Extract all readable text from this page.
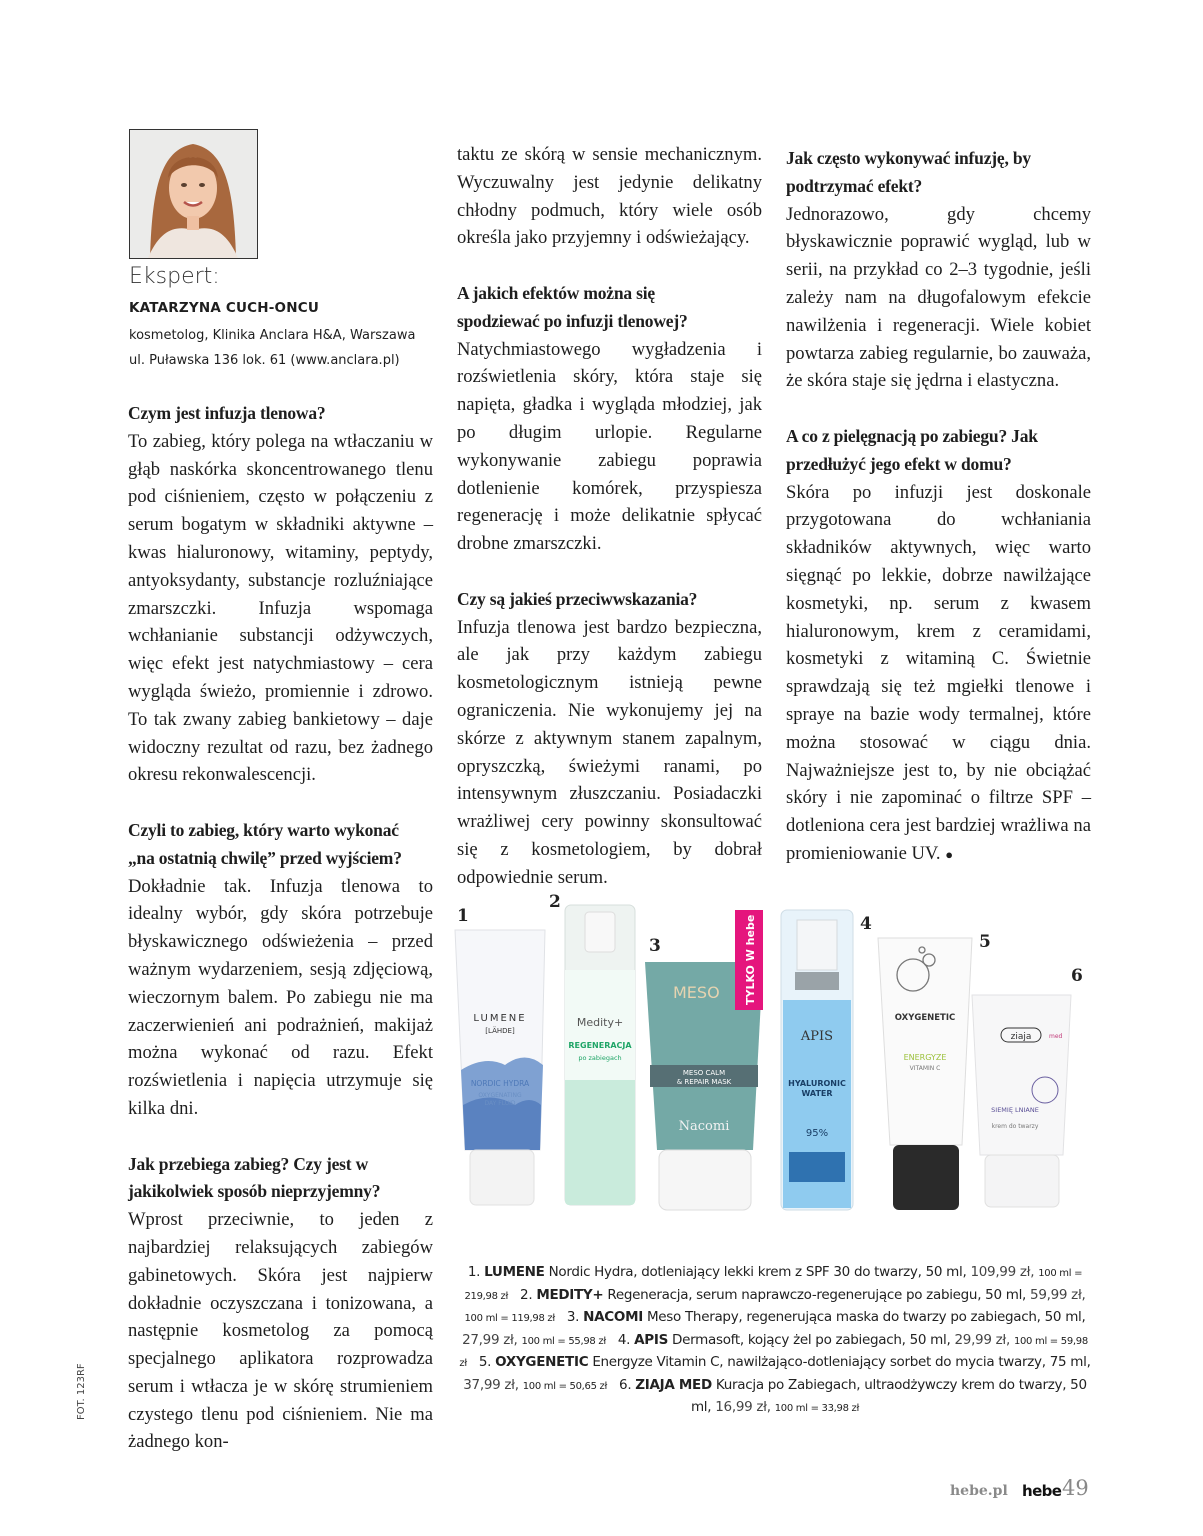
Ekspert:
KATARZYNA CUCH-ONCU
kosmetolog, Klinika Anclara H&A, Warszawa
ul. Puławska 136 lok. 61 (www.anclara.pl)
Czym jest infuzja tlenowa?

To zabieg, który polega na wtłaczaniu w głąb naskórka skoncentrowanego tlenu pod ciśnieniem, często w połączeniu z serum bogatym w składniki aktywne – kwas hialuronowy, witaminy, peptydy, antyoksydanty, substancje rozluźniające zmarszczki. Infuzja wspomaga wchłanianie substancji odżywczych, więc efekt jest natychmiastowy – cera wygląda świeżo, promiennie i zdrowo. To tak zwany zabieg bankietowy – daje widoczny rezultat od razu, bez żadnego okresu rekonwalescencji.

Czyli to zabieg, który warto wykonać „na ostatnią chwilę” przed wyjściem?

Dokładnie tak. Infuzja tlenowa to idealny wybór, gdy skóra potrzebuje błyskawicznego odświeżenia – przed ważnym wydarzeniem, sesją zdjęciową, wieczornym balem. Po zabiegu nie ma zaczerwienień ani podrażnień, makijaż można wykonać od razu. Efekt rozświetlenia i napięcia utrzymuje się kilka dni.

Jak przebiega zabieg? Czy jest w jakikolwiek sposób nieprzyjemny?

Wprost przeciwnie, to jeden z najbardziej relaksujących zabiegów gabinetowych. Skóra jest najpierw dokładnie oczyszczana i tonizowana, a następnie kosmetolog za pomocą specjalnego aplikatora rozprowadza serum i wtłacza je w skórę strumieniem czystego tlenu pod ciśnieniem. Nie ma żadnego kon-

taktu ze skórą w sensie mechanicznym. Wyczuwalny jest jedynie delikatny chłodny podmuch, który wiele osób określa jako przyjemny i odświeżający.

A jakich efektów można się spodziewać po infuzji tlenowej?

Natychmiastowego wygładzenia i rozświetlenia skóry, która staje się napięta, gładka i wygląda młodziej, jak po długim urlopie. Regularne wykonywanie zabiegu poprawia dotlenienie komórek, przyspiesza regenerację i może delikatnie spłycać drobne zmarszczki.

Czy są jakieś przeciwwskazania?

Infuzja tlenowa jest bardzo bezpieczna, ale jak przy każdym zabiegu kosmetologicznym istnieją pewne ograniczenia. Nie wykonujemy jej na skórze z aktywnym stanem zapalnym, opryszczką, świeżymi ranami, po intensywnym złuszczaniu. Posiadaczki wrażliwej cery powinny skonsultować się z kosmetologiem, by dobrał odpowiednie serum.

Jak często wykonywać infuzję, by podtrzymać efekt?

Jednorazowo, gdy chcemy błyskawicznie poprawić wygląd, lub w serii, na przykład co 2–3 tygodnie, jeśli zależy nam na długofalowym efekcie nawilżenia i regeneracji. Wiele kobiet powtarza zabieg regularnie, bo zauważa, że skóra staje się jędrna i elastyczna.

A co z pielęgnacją po zabiegu? Jak przedłużyć jego efekt w domu?

Skóra po infuzji jest doskonale przygotowana do wchłaniania składników aktywnych, więc warto sięgnąć po lekkie, dobrze nawilżające kosmetyki, np. serum z kwasem hialuronowym, krem z ceramidami, kosmetyki z witaminą C. Świetnie sprawdzają się też mgiełki tlenowe i spraye na bazie wody termalnej, które można stosować w ciągu dnia. Najważniejsze jest to, by nie obciążać skóry i nie zapominać o filtrze SPF – dotleniona cera jest bardziej wrażliwa na promieniowanie UV. ●

LUMENE
[LÄHDE]
NORDIC HYDRA
OXYGENATING
DAY FLUID
Medity+
REGENERACJA
po zabiegach
MESO
MESO CALM
& REPAIR MASK
Nacomi
TYLKO W hebe
APIS
HYALURONIC
WATER
95%
OXYGENETIC
ENERGYZE
VITAMIN C
ziaja	med
SIEMIĘ LNIANE
krem do twarzy
1
2
3
4
5
6
1. LUMENE Nordic Hydra, dotleniający lekki krem z SPF 30 do twarzy, 50 ml, 109,99 zł, 100 ml = 219,98 zł 2. MEDITY+ Regeneracja, serum naprawczo-regenerujące po zabiegu, 50 ml, 59,99 zł, 100 ml = 119,98 zł 3. NACOMI Meso Therapy, regenerująca maska do twarzy po zabiegach, 50 ml, 27,99 zł, 100 ml = 55,98 zł 4. APIS Dermasoft, kojący żel po zabiegach, 50 ml, 29,99 zł, 100 ml = 59,98 zł 5. OXYGENETIC Energyze Vitamin C, nawilżająco-dotleniający sorbet do mycia twarzy, 75 ml, 37,99 zł, 100 ml = 50,65 zł 6. ZIAJA MED Kuracja po Zabiegach, ultraodżywczy krem do twarzy, 50 ml, 16,99 zł, 100 ml = 33,98 zł
FOT. 123RF
hebe.pl hebe 49
